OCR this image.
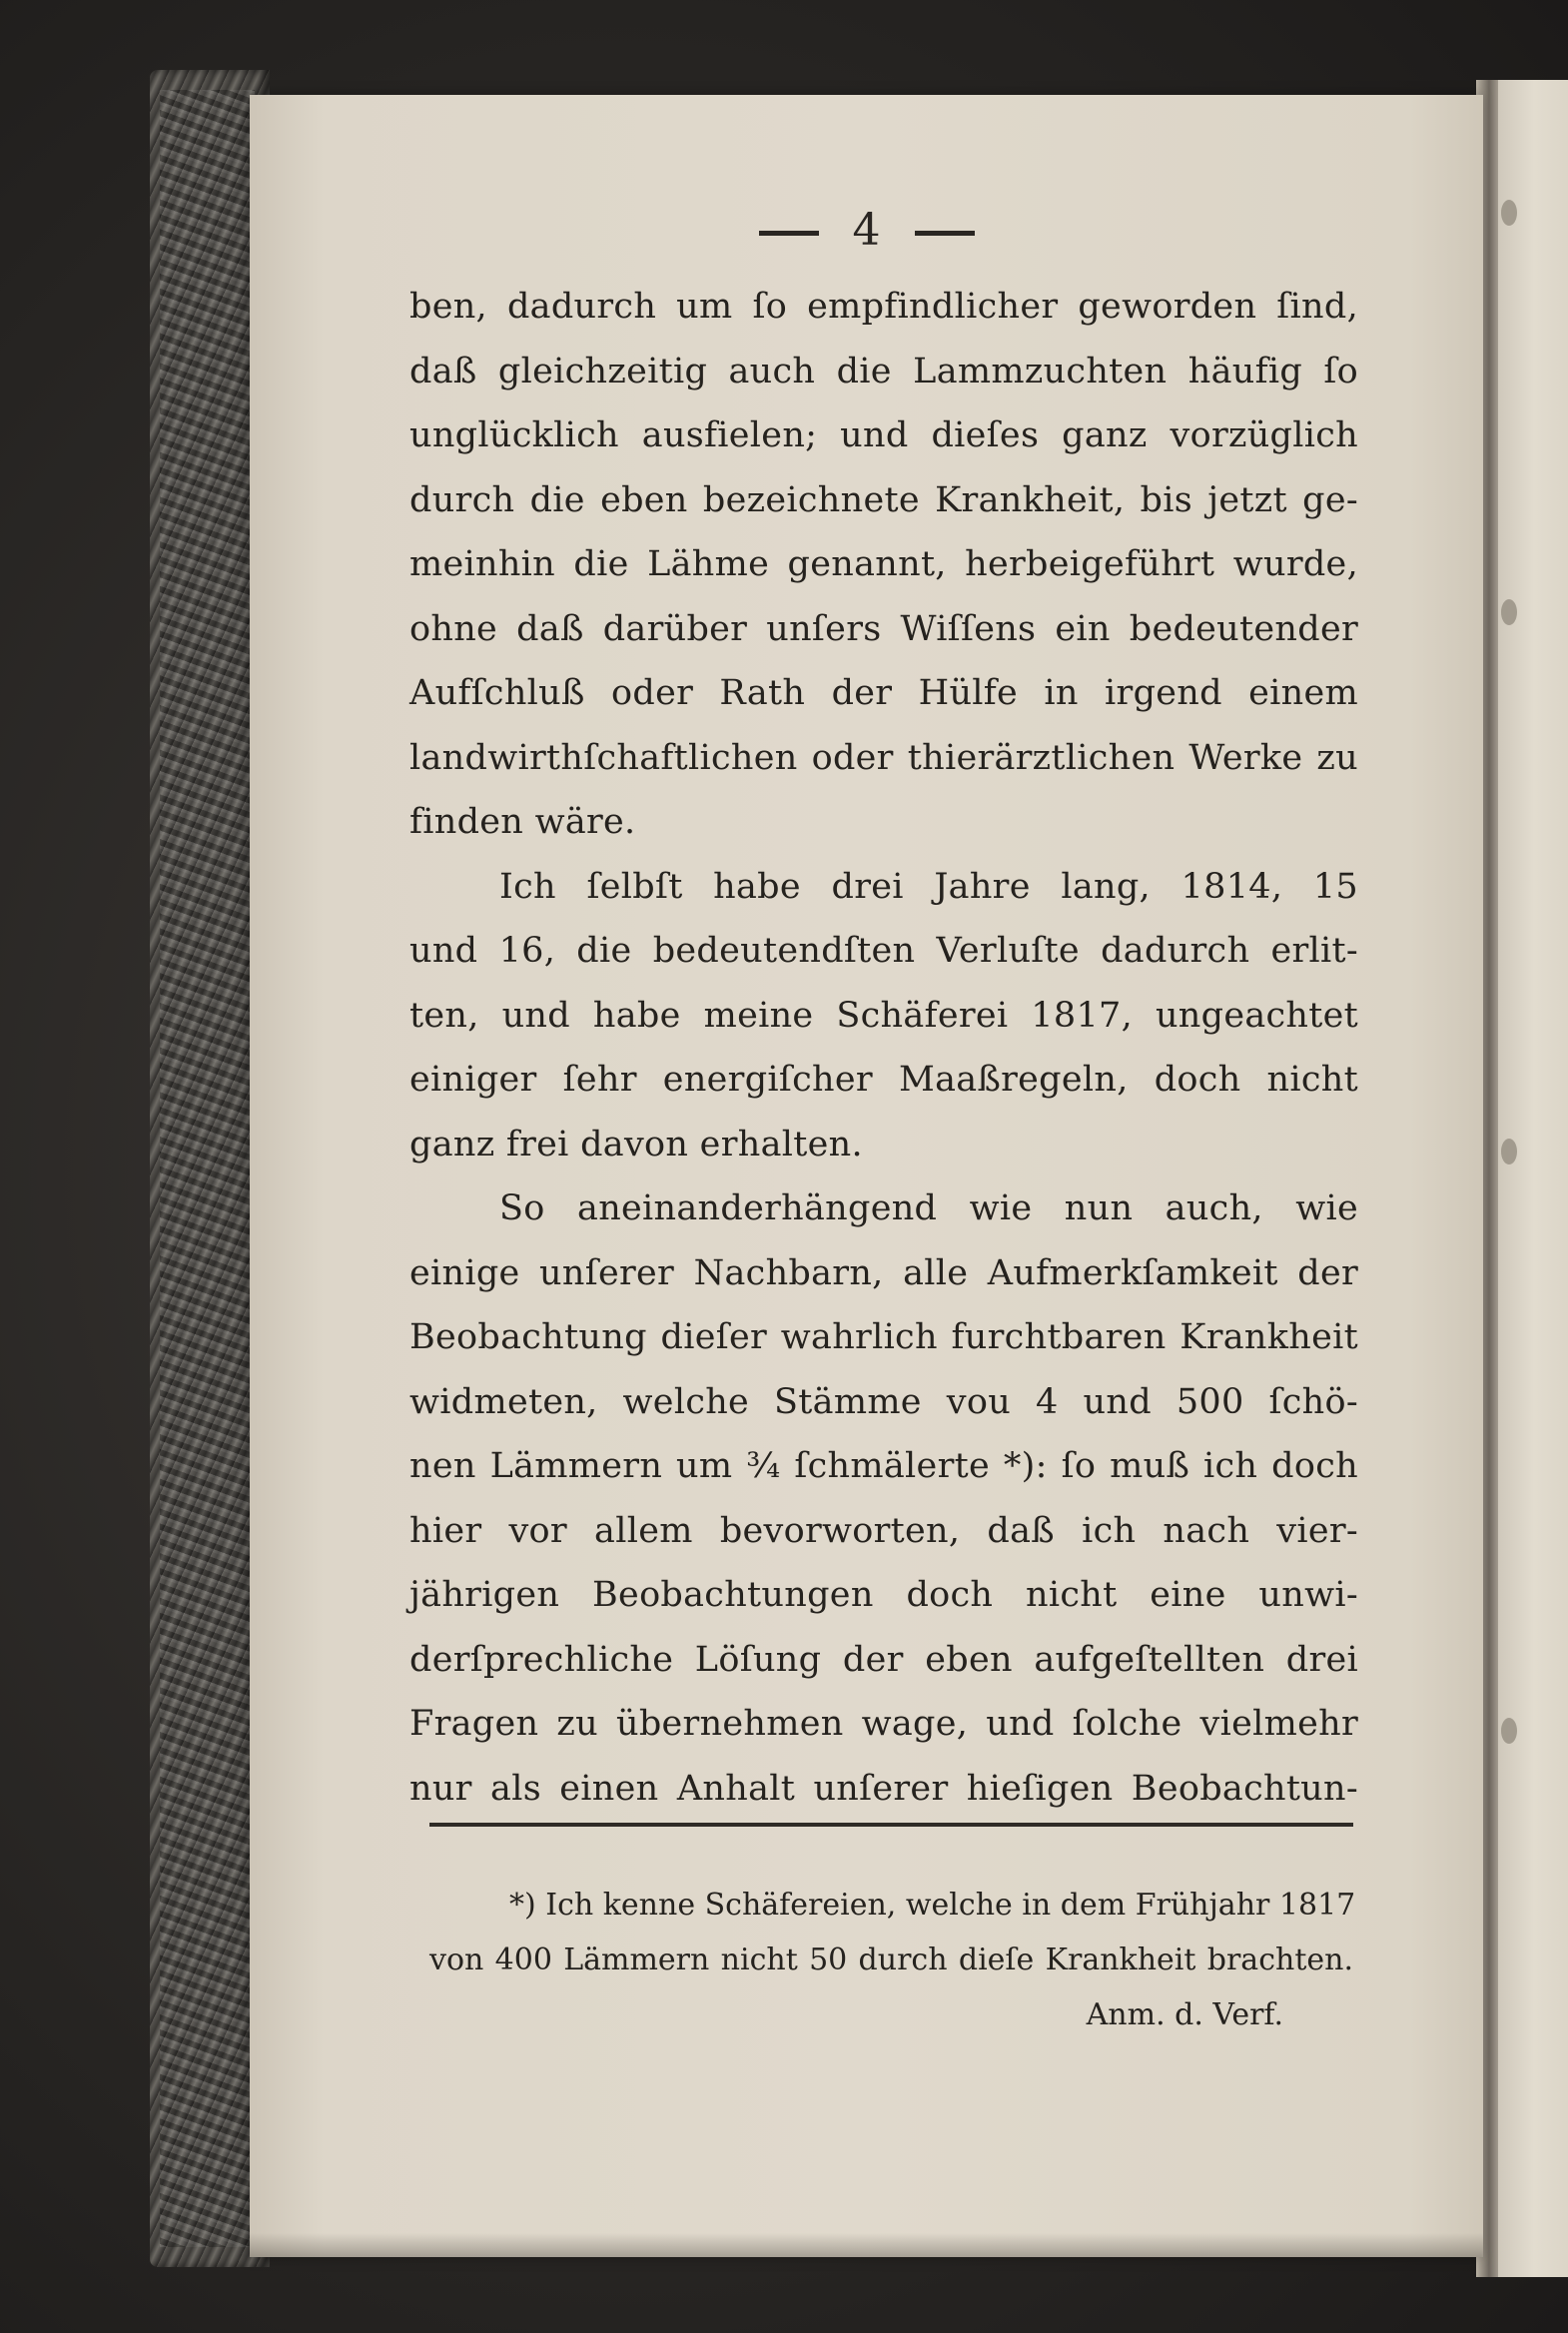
4
ben, dadurch um ſo empfindlicher geworden ſind,
daß gleichzeitig auch die Lammzuchten häufig ſo
unglücklich ausfielen; und dieſes ganz vorzüglich
durch die eben bezeichnete Krankheit, bis jetzt ge-
meinhin die Lähme genannt, herbeigeführt wurde,
ohne daß darüber unſers Wiſſens ein bedeutender
Aufſchluß oder Rath der Hülfe in irgend einem
landwirthſchaftlichen oder thierärztlichen Werke zu
finden wäre.
Ich ſelbſt habe drei Jahre lang, 1814, 15
und 16, die bedeutendſten Verluſte dadurch erlit-
ten, und habe meine Schäferei 1817, ungeachtet
einiger ſehr energiſcher Maaßregeln, doch nicht
ganz frei davon erhalten.
So aneinanderhängend wie nun auch, wie
einige unſerer Nachbarn, alle Aufmerkſamkeit der
Beobachtung dieſer wahrlich furchtbaren Krankheit
widmeten, welche Stämme vou 4 und 500 ſchö-
nen Lämmern um ¾ ſchmälerte *): ſo muß ich doch
hier vor allem bevorworten, daß ich nach vier-
jährigen Beobachtungen doch nicht eine unwi-
derſprechliche Löſung der eben aufgeſtellten drei
Fragen zu übernehmen wage, und ſolche vielmehr
nur als einen Anhalt unſerer hieſigen Beobachtun-
*) Ich kenne Schäfereien, welche in dem Frühjahr 1817
von 400 Lämmern nicht 50 durch dieſe Krankheit brachten.
Anm. d. Verf.
